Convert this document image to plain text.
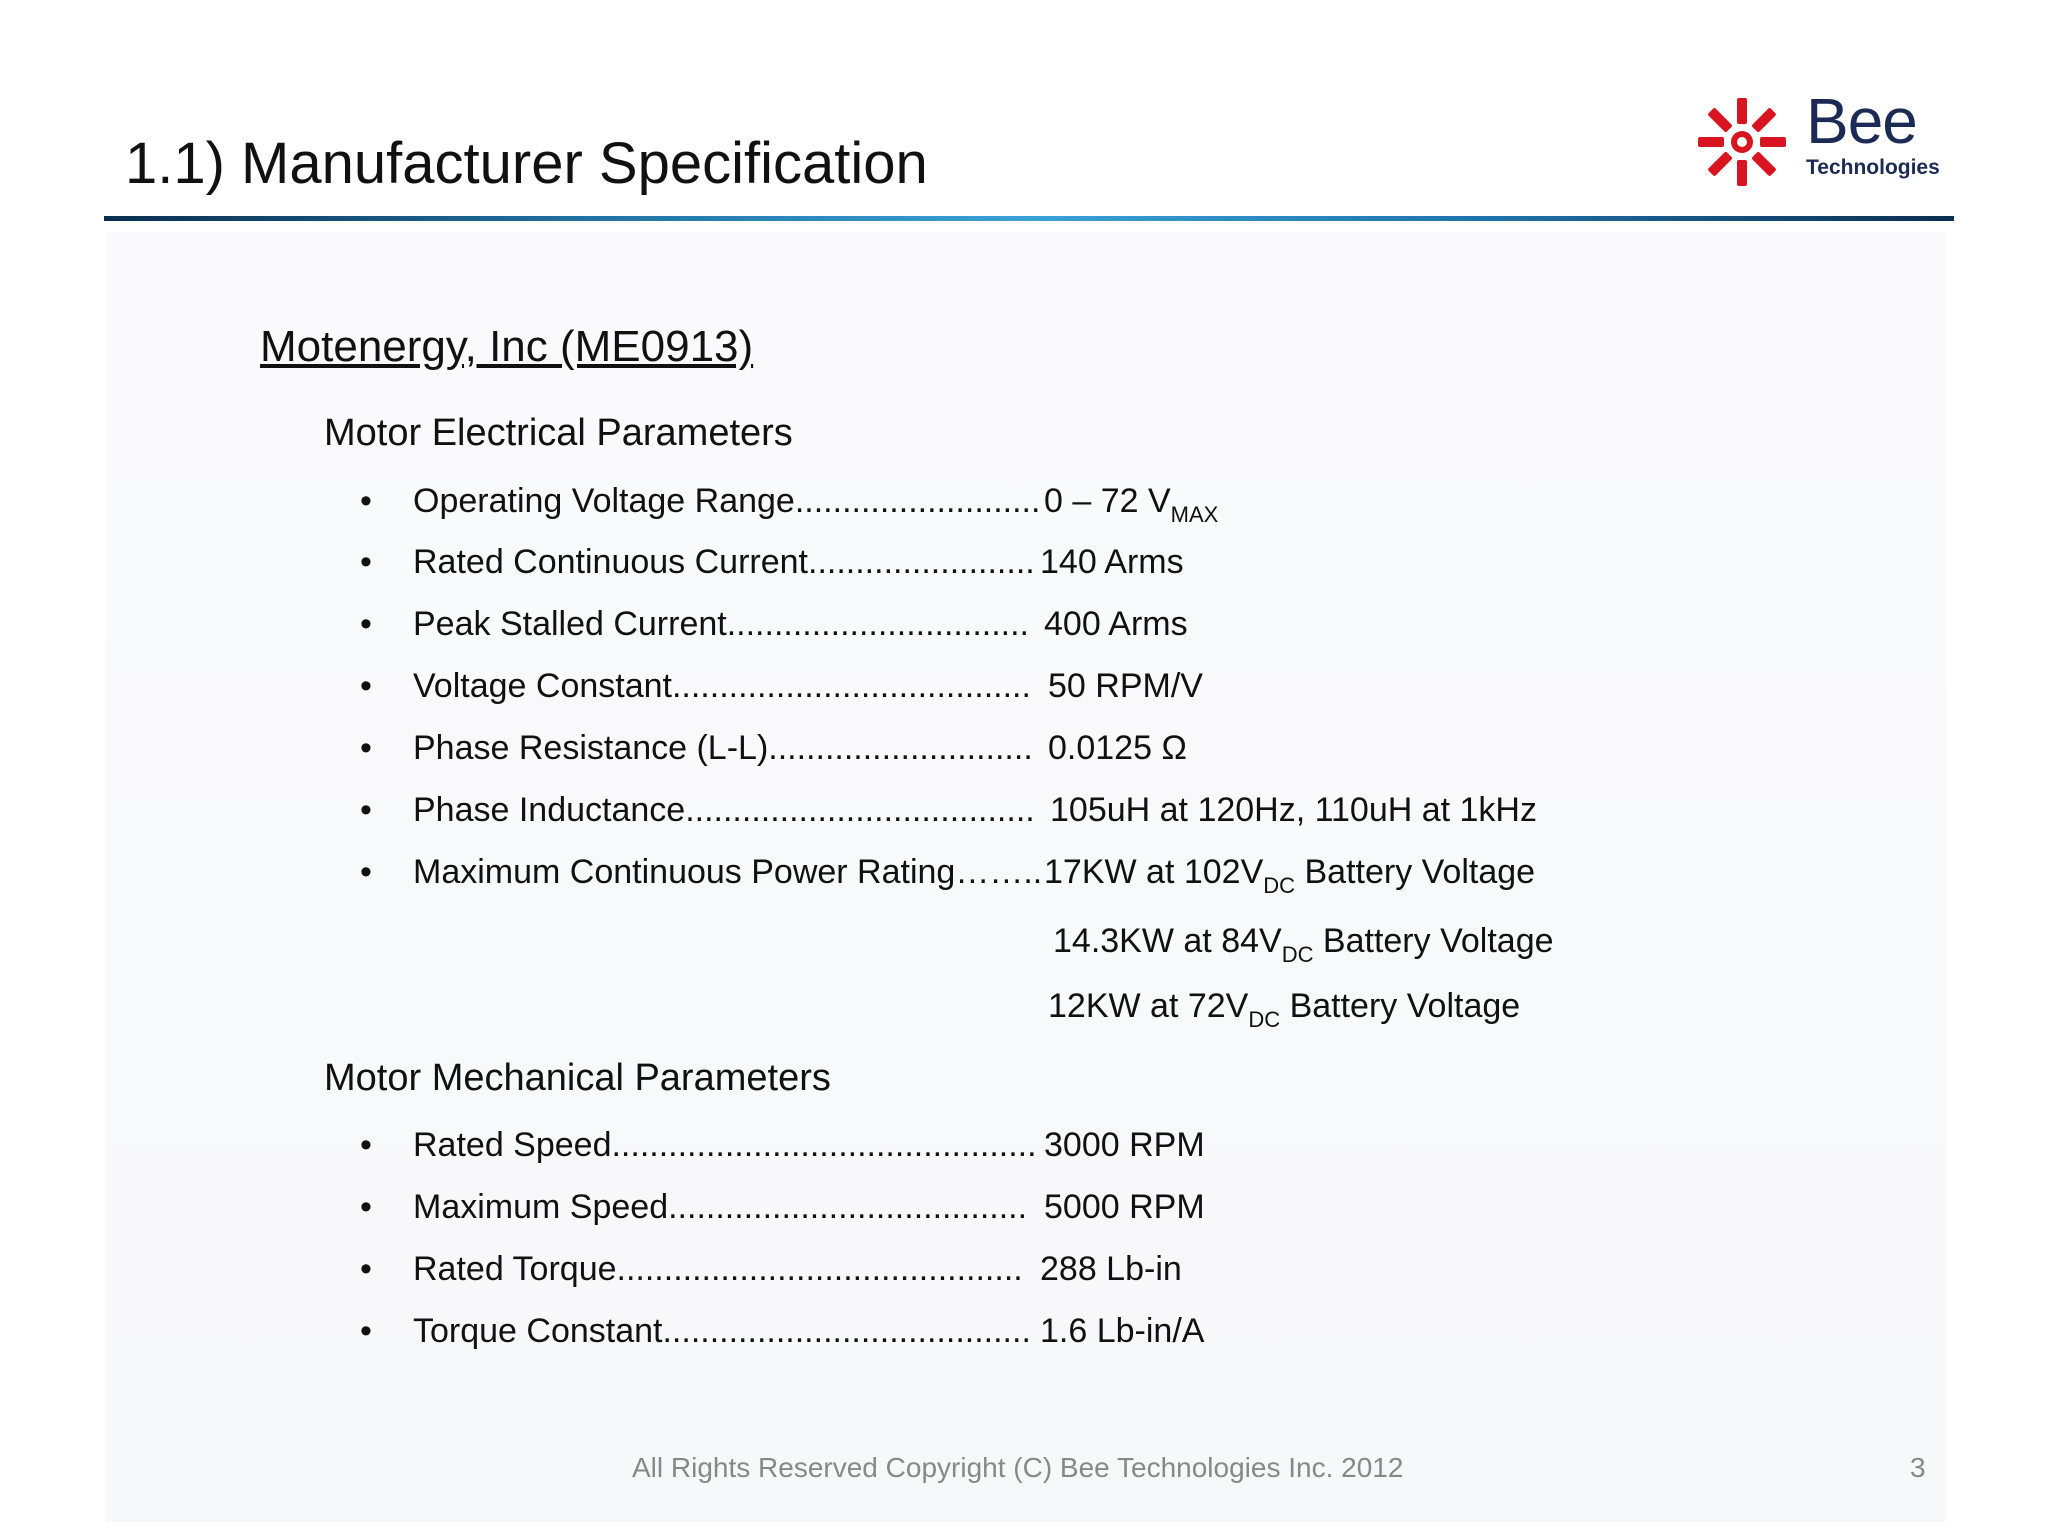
1.1) Manufacturer Specification
Bee
Technologies
Motenergy, Inc (ME0913)
Motor Electrical Parameters
• Operating Voltage Range.......................... 0 – 72 $V_{MAX}$
• Rated Continuous Current........................ 140 Arms
• Peak Stalled Current................................ 400 Arms
• Voltage Constant...................................... 50 RPM/V
• Phase Resistance (L-L)............................ 0.0125 Ω
• Phase Inductance..................................... 105uH at 120Hz, 110uH at 1kHz
• Maximum Continuous Power Rating…….. 17KW at $102V_{DC}$ Battery Voltage
14.3KW at $84V_{DC}$ Battery Voltage
12KW at $72V_{DC}$ Battery Voltage
Motor Mechanical Parameters
• Rated Speed............................................. 3000 RPM
• Maximum Speed...................................... 5000 RPM
• Rated Torque........................................... 288 Lb-in
• Torque Constant....................................... 1.6 Lb-in/A
All Rights Reserved Copyright (C) Bee Technologies Inc. 2012	3
